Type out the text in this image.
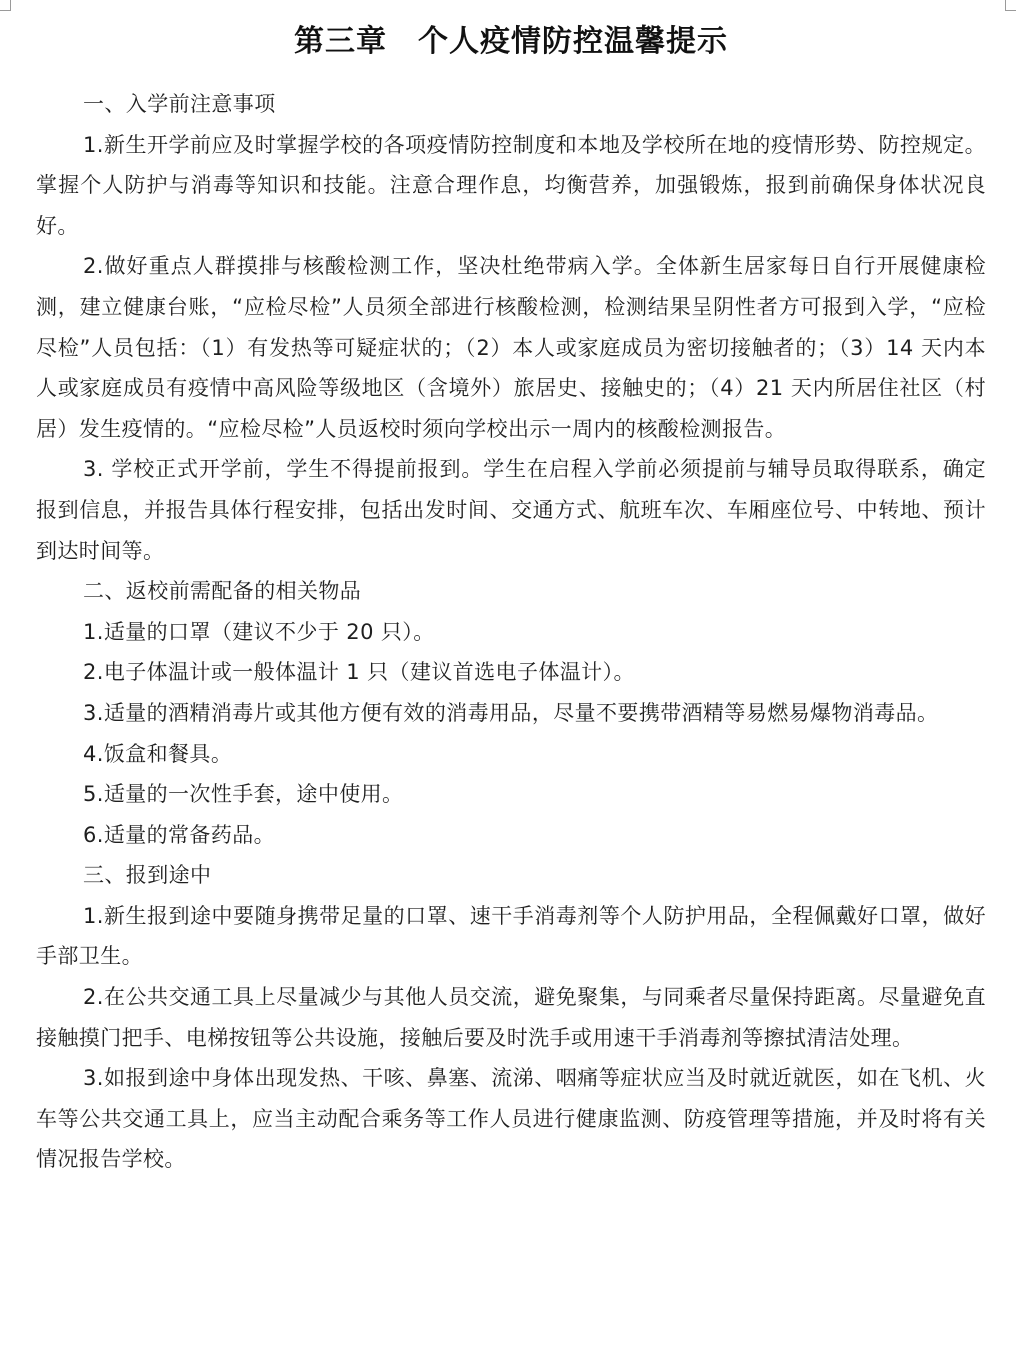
第三章　个人疫情防控温馨提示

一、入学前注意事项

1.新生开学前应及时掌握学校的各项疫情防控制度和本地及学校所在地的疫情形势、防控规定。掌握个人防护与消毒等知识和技能。注意合理作息，均衡营养，加强锻炼，报到前确保身体状况良好。

2.做好重点人群摸排与核酸检测工作，坚决杜绝带病入学。全体新生居家每日自行开展健康检测，建立健康台账，“应检尽检”人员须全部进行核酸检测，检测结果呈阴性者方可报到入学，“应检尽检”人员包括：（1）有发热等可疑症状的；（2）本人或家庭成员为密切接触者的；（3）14 天内本人或家庭成员有疫情中高风险等级地区（含境外）旅居史、接触史的；（4）21 天内所居住社区（村居）发生疫情的。“应检尽检”人员返校时须向学校出示一周内的核酸检测报告。

3. 学校正式开学前，学生不得提前报到。学生在启程入学前必须提前与辅导员取得联系，确定报到信息，并报告具体行程安排，包括出发时间、交通方式、航班车次、车厢座位号、中转地、预计到达时间等。

二、返校前需配备的相关物品

1.适量的口罩（建议不少于 20 只）。

2.电子体温计或一般体温计 1 只（建议首选电子体温计）。

3.适量的酒精消毒片或其他方便有效的消毒用品，尽量不要携带酒精等易燃易爆物消毒品。

4.饭盒和餐具。

5.适量的一次性手套，途中使用。

6.适量的常备药品。

三、报到途中

1.新生报到途中要随身携带足量的口罩、速干手消毒剂等个人防护用品，全程佩戴好口罩，做好手部卫生。

2.在公共交通工具上尽量减少与其他人员交流，避免聚集，与同乘者尽量保持距离。尽量避免直接触摸门把手、电梯按钮等公共设施，接触后要及时洗手或用速干手消毒剂等擦拭清洁处理。

3.如报到途中身体出现发热、干咳、鼻塞、流涕、咽痛等症状应当及时就近就医，如在飞机、火车等公共交通工具上，应当主动配合乘务等工作人员进行健康监测、防疫管理等措施，并及时将有关情况报告学校。
